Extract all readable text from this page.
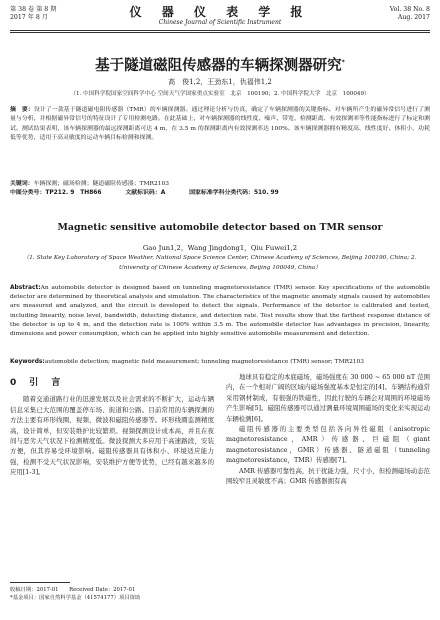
第 38 卷 第 8 期
2017 年 8 月	仪 器 仪 表 学 报
Chinese Journal of Scientific Instrument
Vol. 38 No. 8
Aug. 2017
基于隧道磁阻传感器的车辆探测器研究*
高　俊1,2，王劲东1，仇福伟1,2
（1. 中国科学院国家空间科学中心 空间天气学国家重点实验室　北京　100190；2. 中国科学院大学　北京　100049）
摘　要：设计了一款基于隧道磁电阻传感器（TMR）的车辆探测器。通过理论分析与仿真，确定了车辆探测器的关键指标。对车辆所产生的磁异常信号进行了测量与分析，并根据磁异常信号的特征设计了专用检测电路。在此基础上，对车辆探测器的线性度、噪声、带宽、检测距离、有效探测率等性能指标进行了标定和测试。测试结果表明，该车辆探测器的最远探测距离可达 4 m，在 3.5 m 的探测距离内有效探测率达 100%。该车辆探测器拥有精度高、线性度好、体积小、功耗低等优势，适用于高灵敏度的运动车辆目标检测和探测。
关键词：车辆探测；磁场检测；隧道磁阻传感器；TMR2103
中图分类号：TP212. 9　TH866	文献标识码：A	国家标准学科分类代码：510. 99
Magnetic sensitive automobile detector based on TMR sensor
Gao Jun1,2，Wang Jingdong1，Qiu Fuwei1,2
（1. State Key Laboratory of Space Weather, National Space Science Center, Chinese Academy of Sciences, Beijing 100190, China; 2. University of Chinese Academy of Sciences, Beijing 100049, China）
Abstract:An automobile detector is designed based on tunneling magnetoresistance (TMR) sensor. Key specifications of the automobile detector are determined by theoretical analysis and simulation. The characteristics of the magnetic anomaly signals caused by automobiles are measured and analyzed, and the circuit is developed to detect the signals. Performance of the detector is calibrated and tested, including linearity, noise level, bandwidth, detecting distance, and detection rate. Test results show that the farthest response distance of the detector is up to 4 m, and the detection rate is 100% within 3.5 m. The automobile detector has advantages in precision, linearity, dimensions and power consumption, which can be applied into highly sensitive automobile measurement and detection.
Keywords:automobile detection; magnetic field measurement; tunneling magnetoresistance (TMR) sensor; TMR2103
0　引　言

随着交通道路行业的迅速发展以及社会需求的不断扩大，运动车辆信息采集已大范围的覆盖停车场、街道和公路。目前常用的车辆探测的方法主要有环形线圈、视频、微波和磁阻传感器等。环形线圈监测精度高，设计简单，但安装维护比较繁琐。视频探测设计成本高，并且在夜间与恶劣天气状况下检测精度低。微波探测大多应用于高速路段，安装方便，但其容易受环境影响。磁阻传感器具有体积小、环境适应能力强，检测不受天气状况影响，安装维护方便等优势，已经有越来越多的应用[1-3]。

地球具有稳定的本底磁场，磁场强度在 30 000 ~ 65 000 nT 范围内，在一个相对广阔的区域内磁场强度基本是恒定的[4]。车辆结构通常采用钢材制成，有很强的铁磁性，因此行驶的车辆会对周围的环境磁场产生影响[5]。磁阻传感器可以通过测量环境周围磁场的变化来实现运动车辆检测[6]。

磁阻传感器的主要类型包括各向异性磁阻（anisotropic magnetoresistance，AMR）传感器、巨磁阻（giant magnetoresistance，GMR）传感器、隧道磁阻（tunneling magnetoresistance，TMR）传感器[7]。

AMR 传感器可靠性高，抗干扰能力强，尺寸小，但检测磁场动态范围较窄且灵敏度不高；GMR 传感器拥有高

收稿日期：2017-01　　Received Date：2017-01
*基金项目：国家自然科学基金（41574177）项目资助
